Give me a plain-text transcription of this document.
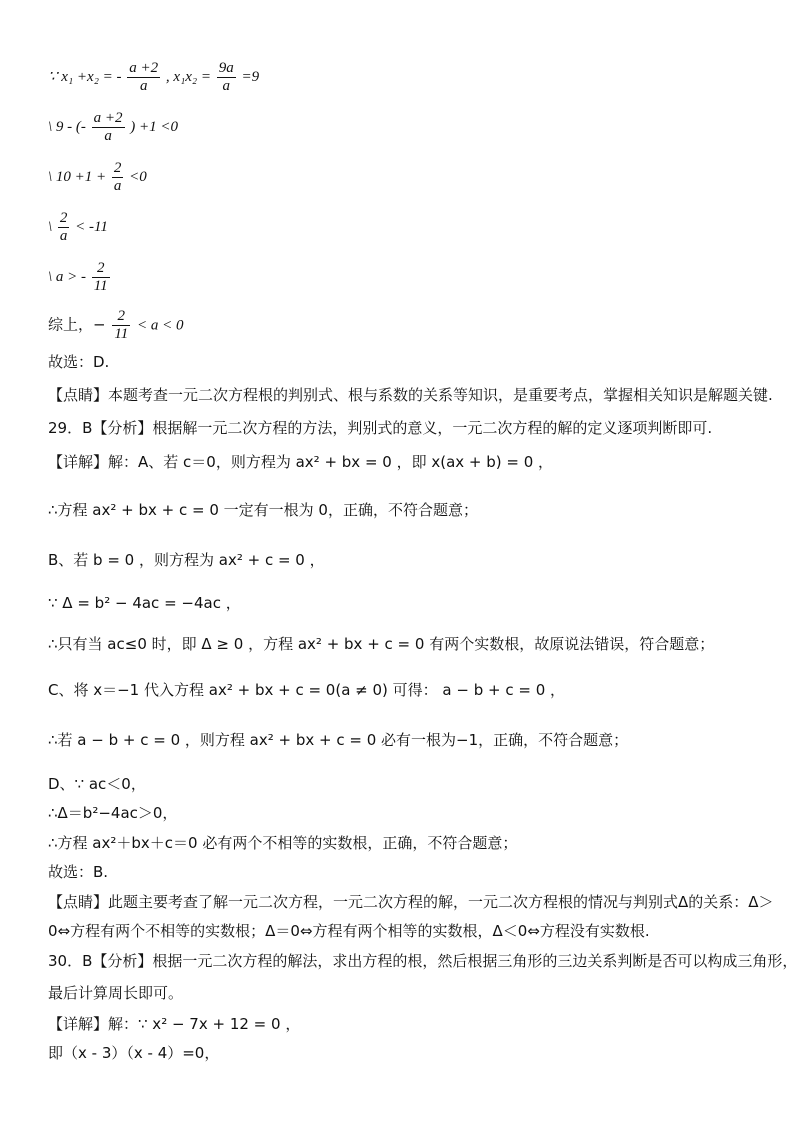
∵ x₁ +x₂ = - $\frac{a +2}{a}$ , $x_1x_2 = \frac{9a}{a} =9$
\ 9 - (- $\frac{a +2}{a}$ ) +1 <0
\ $10 +1 + \frac{2}{a} <0$
\ $\frac{2}{a} < -11$
\ a > - $\frac{2}{11}$
综上，− $\frac{2}{11} < a < 0$
故选：D.
【点睛】本题考查一元二次方程根的判别式、根与系数的关系等知识，是重要考点，掌握相关知识是解题关键.
29．B【分析】根据解一元二次方程的方法，判别式的意义，一元二次方程的解的定义逐项判断即可.
【详解】解：A、若 c＝0，则方程为 ax² + bx = 0 ，即 x(ax + b) = 0 ，
∴方程 ax² + bx + c = 0 一定有一根为 0，正确，不符合题意；
B、若 b = 0 ，则方程为 ax² + c = 0 ，
∵ Δ = b² − 4ac = −4ac ，
∴只有当 ac≤0 时，即 Δ ≥ 0 ，方程 ax² + bx + c = 0 有两个实数根，故原说法错误，符合题意；
C、将 x＝−1 代入方程 ax² + bx + c = 0(a ≠ 0) 可得： a − b + c = 0 ，
∴若 a − b + c = 0 ，则方程 ax² + bx + c = 0 必有一根为−1，正确，不符合题意；
D、∵ ac＜0，
∴Δ＝b²−4ac＞0，
∴方程 ax²＋bx＋c＝0 必有两个不相等的实数根，正确，不符合题意；
故选：B.
【点睛】此题主要考查了解一元二次方程，一元二次方程的解，一元二次方程根的情况与判别式Δ的关系：Δ＞
0⇔方程有两个不相等的实数根；Δ＝0⇔方程有两个相等的实数根，Δ＜0⇔方程没有实数根.
30．B【分析】根据一元二次方程的解法，求出方程的根，然后根据三角形的三边关系判断是否可以构成三角形，
最后计算周长即可。
【详解】解：∵ x² − 7x + 12 = 0 ，
即（x - 3）（x - 4）=0，
